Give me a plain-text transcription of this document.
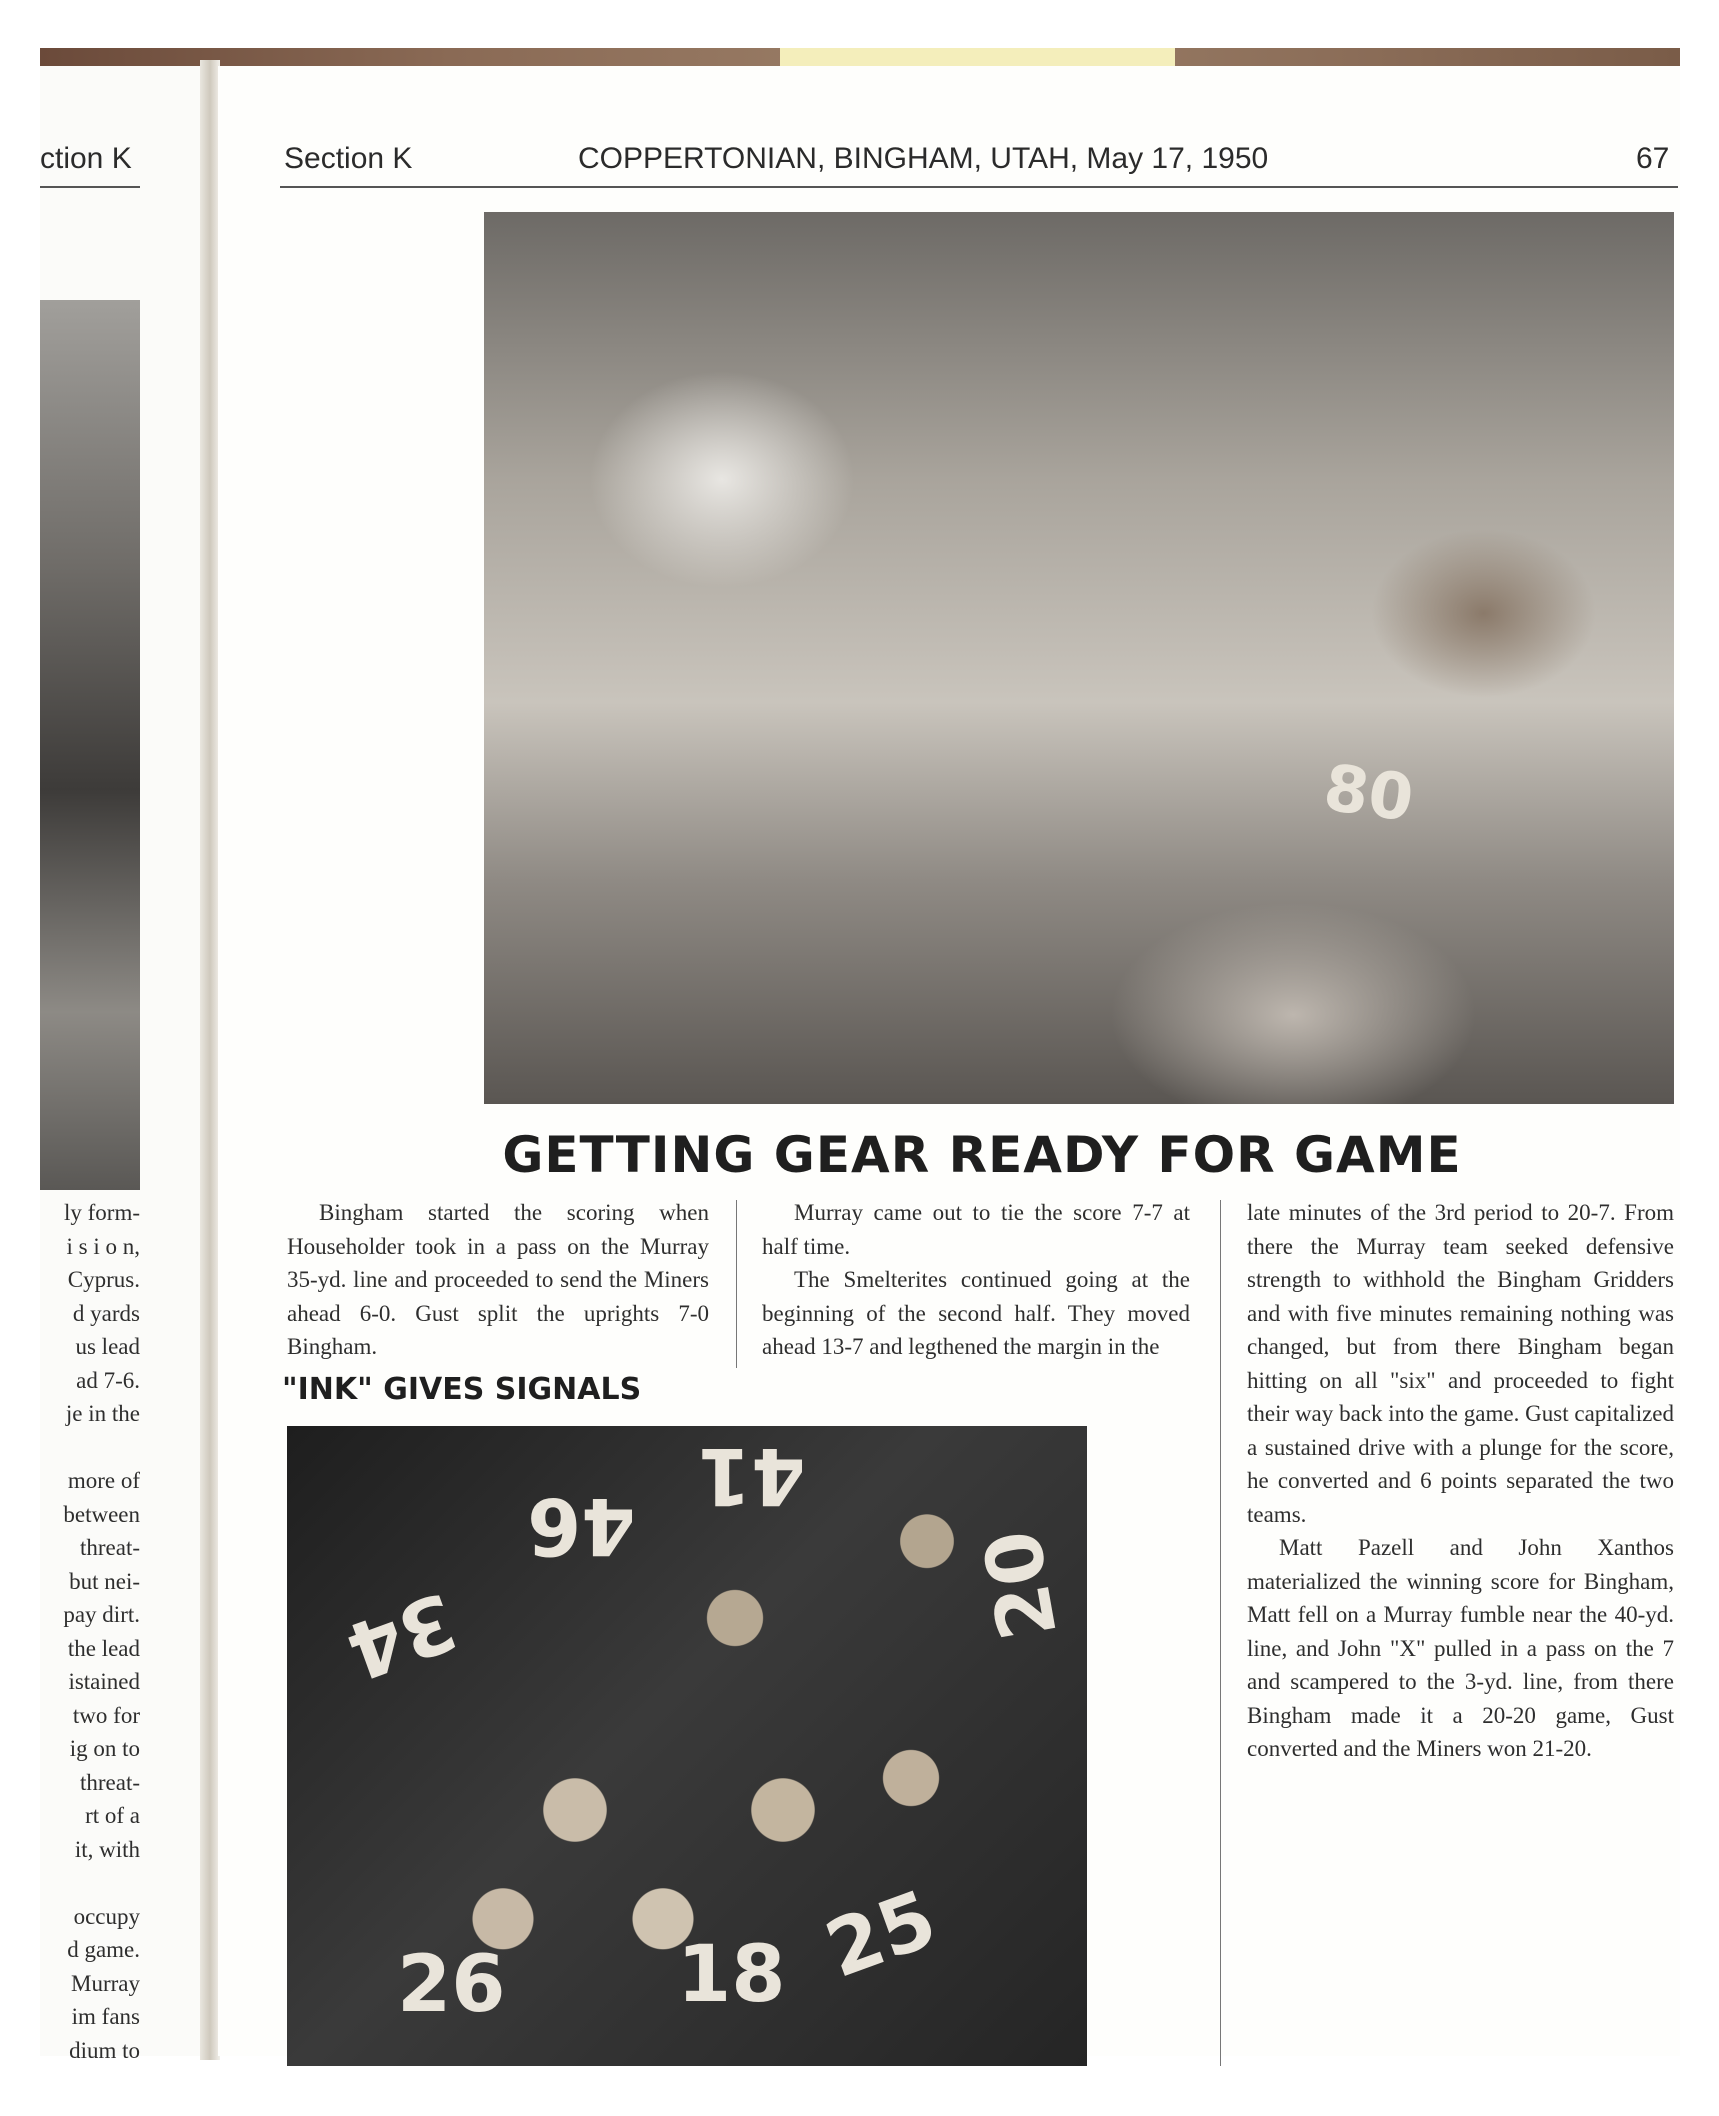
ction K	Section K	COPPERTONIAN, BINGHAM, UTAH, May 17, 1950	67
ly form-
i s i o n,
Cyprus.
d yards
us lead
ad 7-6.
je in the
more of
between
threat-
but nei-
pay dirt.
the lead
istained
two for
ig on to
threat-
rt of a
it, with
occupy
d game.
Murray
im fans
dium to
80
GETTING GEAR READY FOR GAME

Bingham started the scoring when Householder took in a pass on the Murray 35-yd. line and proceeded to send the Miners ahead 6-0. Gust split the uprights 7-0 Bingham.

Murray came out to tie the score 7-7 at half time.

The Smelterites continued going at the beginning of the second half. They moved ahead 13-7 and legthened the margin in the

late minutes of the 3rd period to 20-7. From there the Murray team seeked defensive strength to withhold the Bingham Gridders and with five minutes remaining nothing was changed, but from there Bingham began hitting on all "six" and proceeded to fight their way back into the game. Gust capitalized a sustained drive with a plunge for the score, he converted and 6 points separated the two teams.

Matt Pazell and John Xanthos materialized the winning score for Bingham, Matt fell on a Murray fumble near the 40-yd. line, and John "X" pulled in a pass on the 7 and scampered to the 3-yd. line, from there Bingham made it a 20-20 game, Gust converted and the Miners won 21-20.

"INK" GIVES SIGNALS
46
34
41
20
26 18 25
